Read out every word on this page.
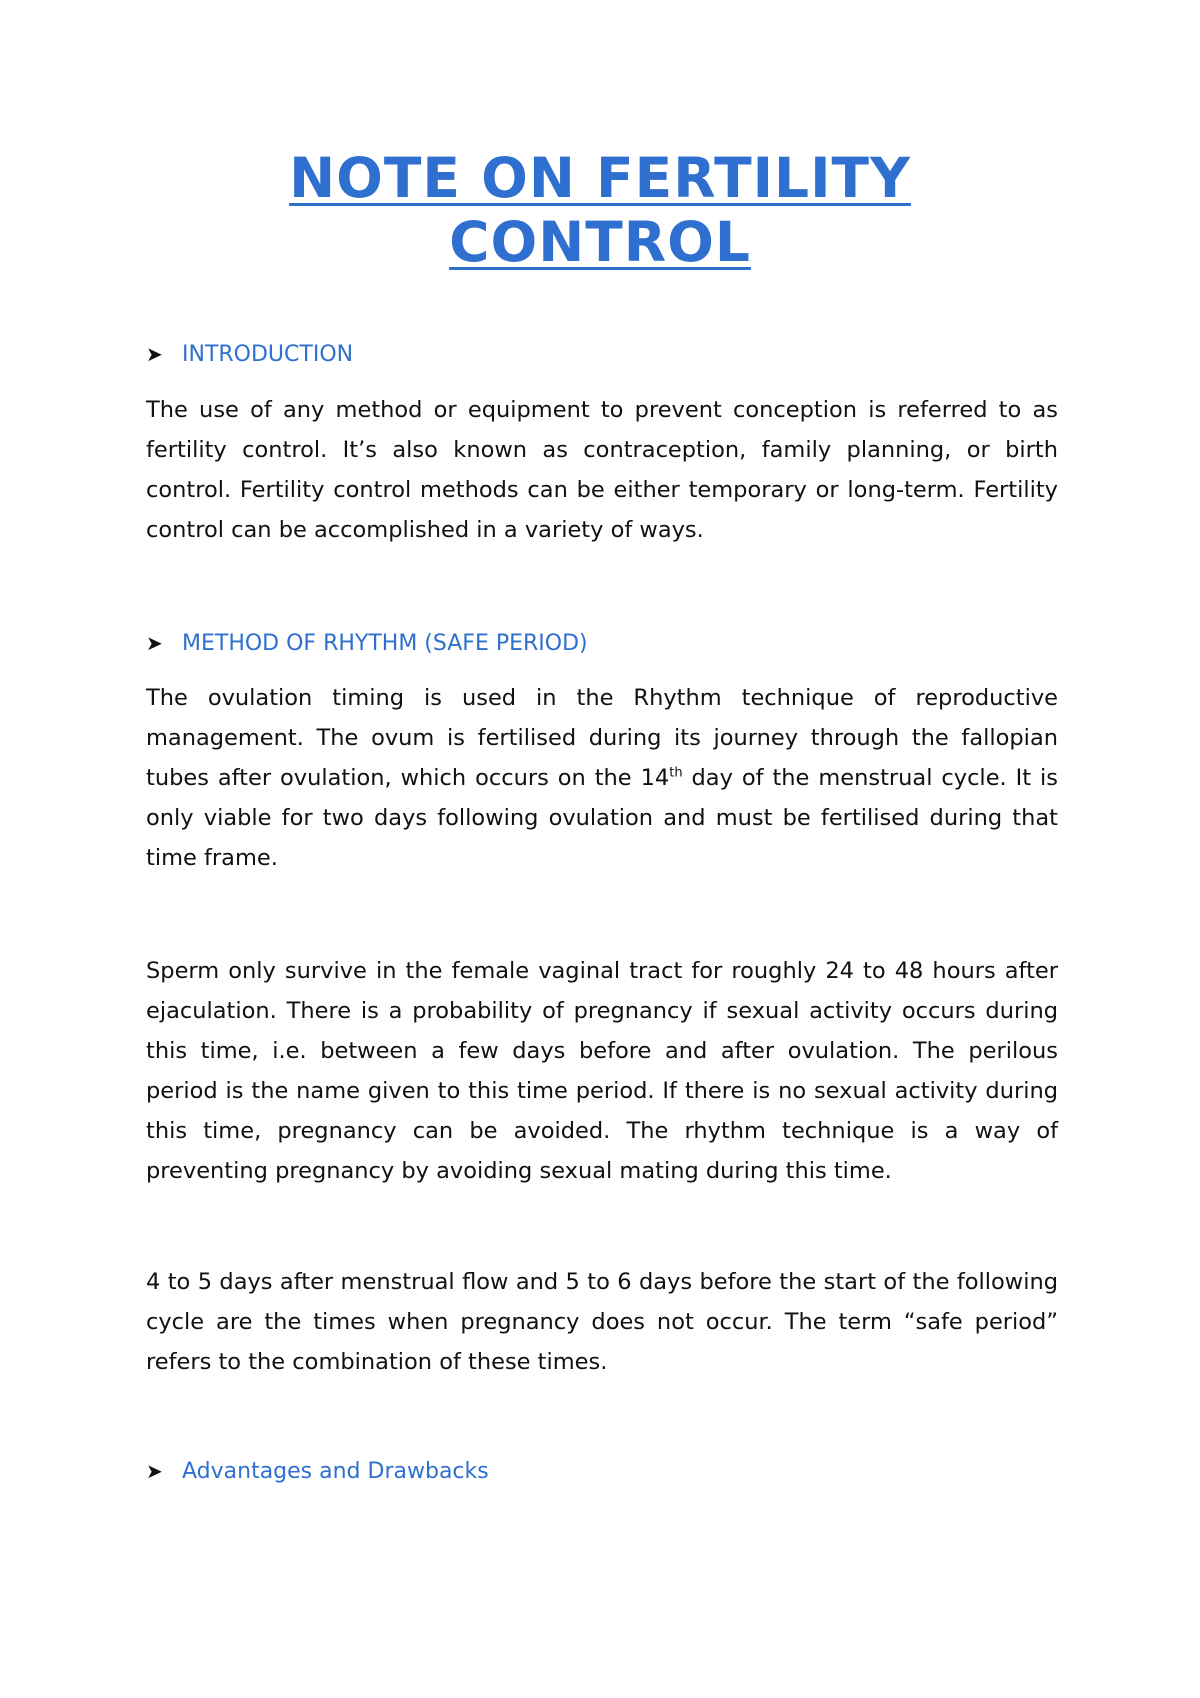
NOTE ON FERTILITY
CONTROL
➤ INTRODUCTION
The use of any method or equipment to prevent conception is referred to as fertility control. It’s also known as contraception, family planning, or birth control. Fertility control methods can be either temporary or long-term. Fertility control can be accomplished in a variety of ways.
➤ METHOD OF RHYTHM (SAFE PERIOD)
The ovulation timing is used in the Rhythm technique of reproductive management. The ovum is fertilised during its journey through the fallopian tubes after ovulation, which occurs on the 14th day of the menstrual cycle. It is only viable for two days following ovulation and must be fertilised during that time frame.
Sperm only survive in the female vaginal tract for roughly 24 to 48 hours after ejaculation. There is a probability of pregnancy if sexual activity occurs during this time, i.e. between a few days before and after ovulation. The perilous period is the name given to this time period. If there is no sexual activity during this time, pregnancy can be avoided. The rhythm technique is a way of preventing pregnancy by avoiding sexual mating during this time.
4 to 5 days after menstrual flow and 5 to 6 days before the start of the following cycle are the times when pregnancy does not occur. The term “safe period” refers to the combination of these times.
➤ Advantages and Drawbacks
